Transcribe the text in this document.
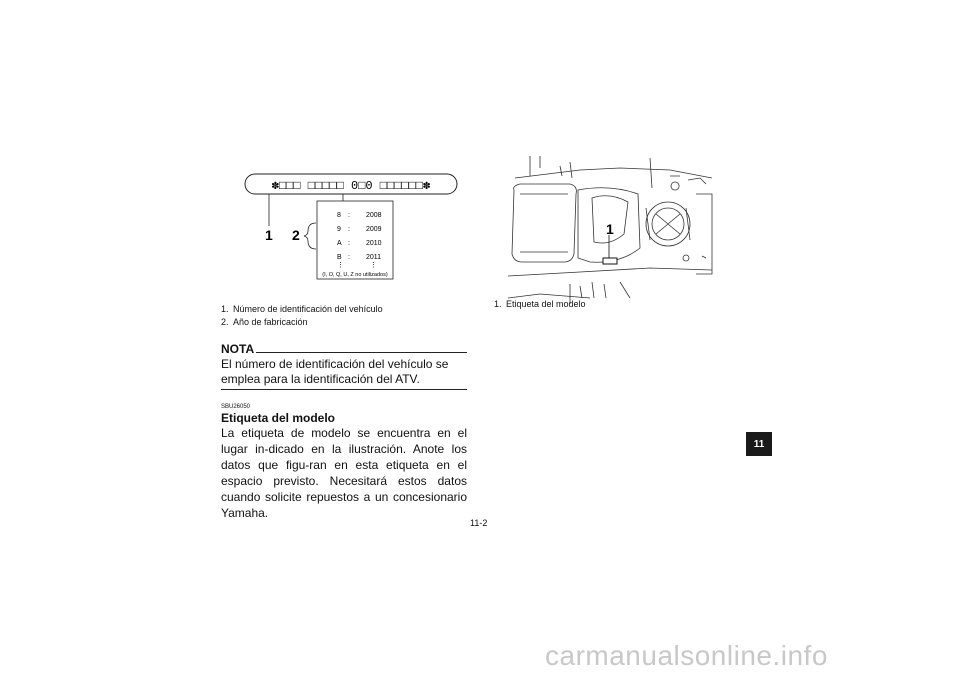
✽□□□ □□□□□ 0□0 □□□□□□✽
1 2
8 : 2008
9 : 2009
A : 2010
B : 2011
⋮	⋮
(I, O, Q, U, Z no utilizados)
1. Número de identificación del vehículo
2. Año de fabricación
NOTA
El número de identificación del vehículo se emplea para la identificación del ATV.
SBU26050
Etiqueta del modelo
La etiqueta de modelo se encuentra en el lugar in-dicado en la ilustración. Anote los datos que figu-ran en esta etiqueta en el espacio previsto. Necesitará estos datos cuando solicite repuestos a un concesionario Yamaha.
1
1. Etiqueta del modelo
11-2
11
carmanualsonline.info
